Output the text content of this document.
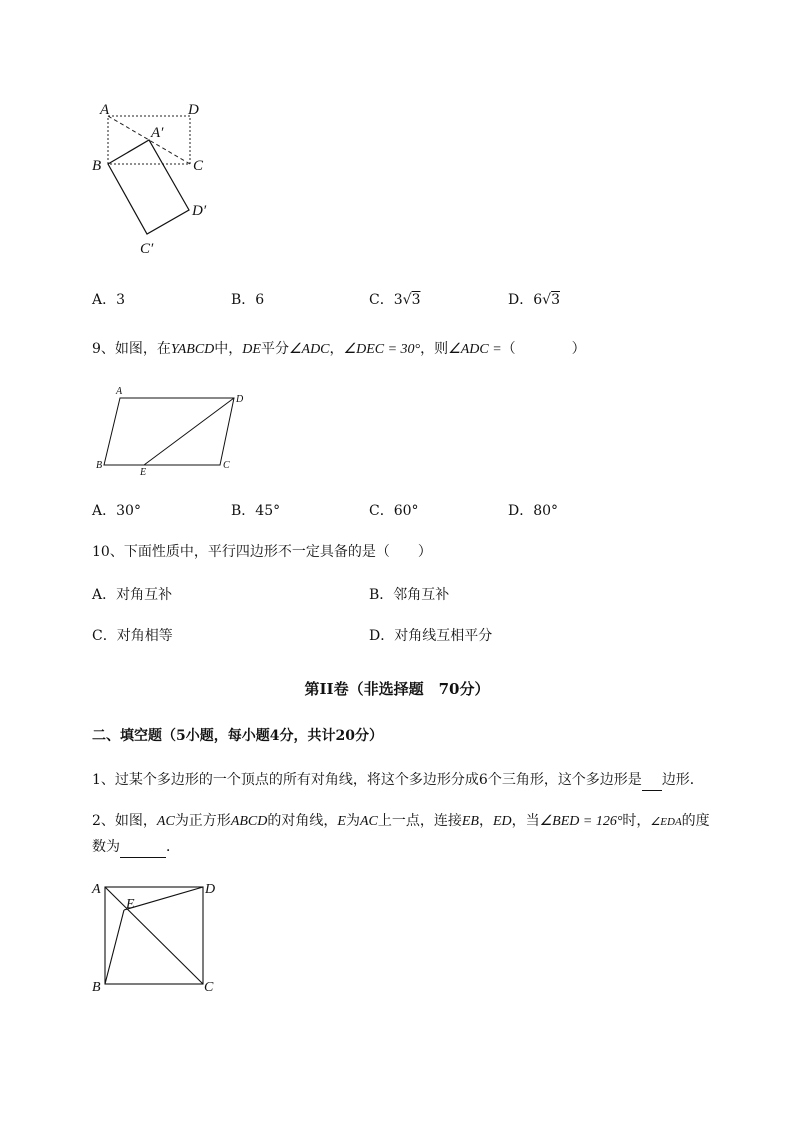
A	D
A′
B	C
D′
C′
A．3	B．6	C．3√3	D．6√3
9、如图，在YABCD中，DE平分∠ADC，∠DEC = 30°，则∠ADC =（　　　　）
A
D
B
E
C
A．30°	B．45°	C．60°	D．80°
10、下面性质中，平行四边形不一定具备的是（　　）
A．对角互补	B．邻角互补
C．对角相等	D．对角线互相平分
第II卷（非选择题　70分）
二、填空题（5小题，每小题4分，共计20分）
1、过某个多边形的一个顶点的所有对角线，将这个多边形分成6个三角形，这个多边形是 边形．
2、如图，AC为正方形ABCD的对角线，E为AC上一点，连接EB，ED，当∠BED = 126°时，∠EDA的度
数为	．
A	D
E
B	C
